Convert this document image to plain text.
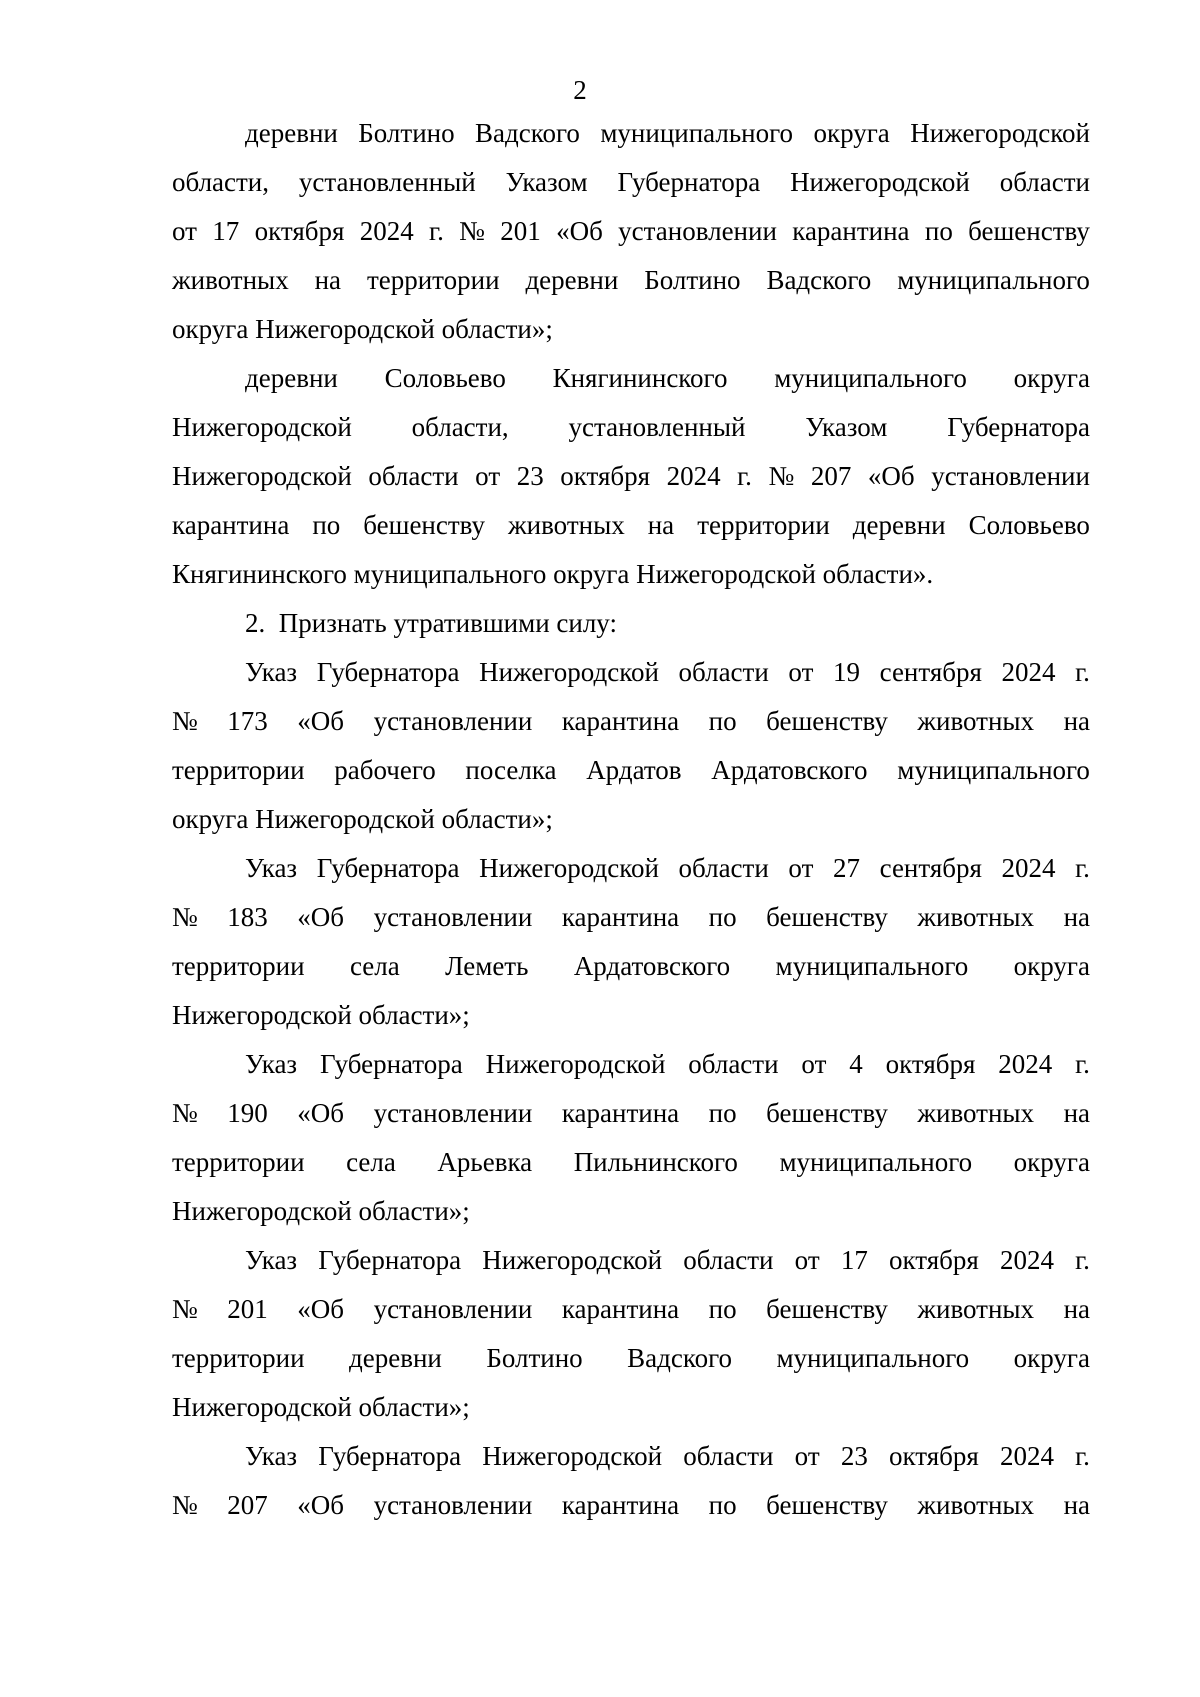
2
деревни Болтино Вадского муниципального округа Нижегородской
области, установленный Указом Губернатора Нижегородской области
от 17 октября 2024 г. № 201 «Об установлении карантина по бешенству
животных на территории деревни Болтино Вадского муниципального
округа Нижегородской области»;
деревни Соловьево Княгининского муниципального округа
Нижегородской области, установленный Указом Губернатора
Нижегородской области от 23 октября 2024 г. № 207 «Об установлении
карантина по бешенству животных на территории деревни Соловьево
Княгининского муниципального округа Нижегородской области».
2.  Признать утратившими силу:
Указ Губернатора Нижегородской области от 19 сентября 2024 г.
№ 173 «Об установлении карантина по бешенству животных на
территории рабочего поселка Ардатов Ардатовского муниципального
округа Нижегородской области»;
Указ Губернатора Нижегородской области от 27 сентября 2024 г.
№ 183 «Об установлении карантина по бешенству животных на
территории села Леметь Ардатовского муниципального округа
Нижегородской области»;
Указ Губернатора Нижегородской области от 4 октября 2024 г.
№ 190 «Об установлении карантина по бешенству животных на
территории села Арьевка Пильнинского муниципального округа
Нижегородской области»;
Указ Губернатора Нижегородской области от 17 октября 2024 г.
№ 201 «Об установлении карантина по бешенству животных на
территории деревни Болтино Вадского муниципального округа
Нижегородской области»;
Указ Губернатора Нижегородской области от 23 октября 2024 г.
№ 207 «Об установлении карантина по бешенству животных на
